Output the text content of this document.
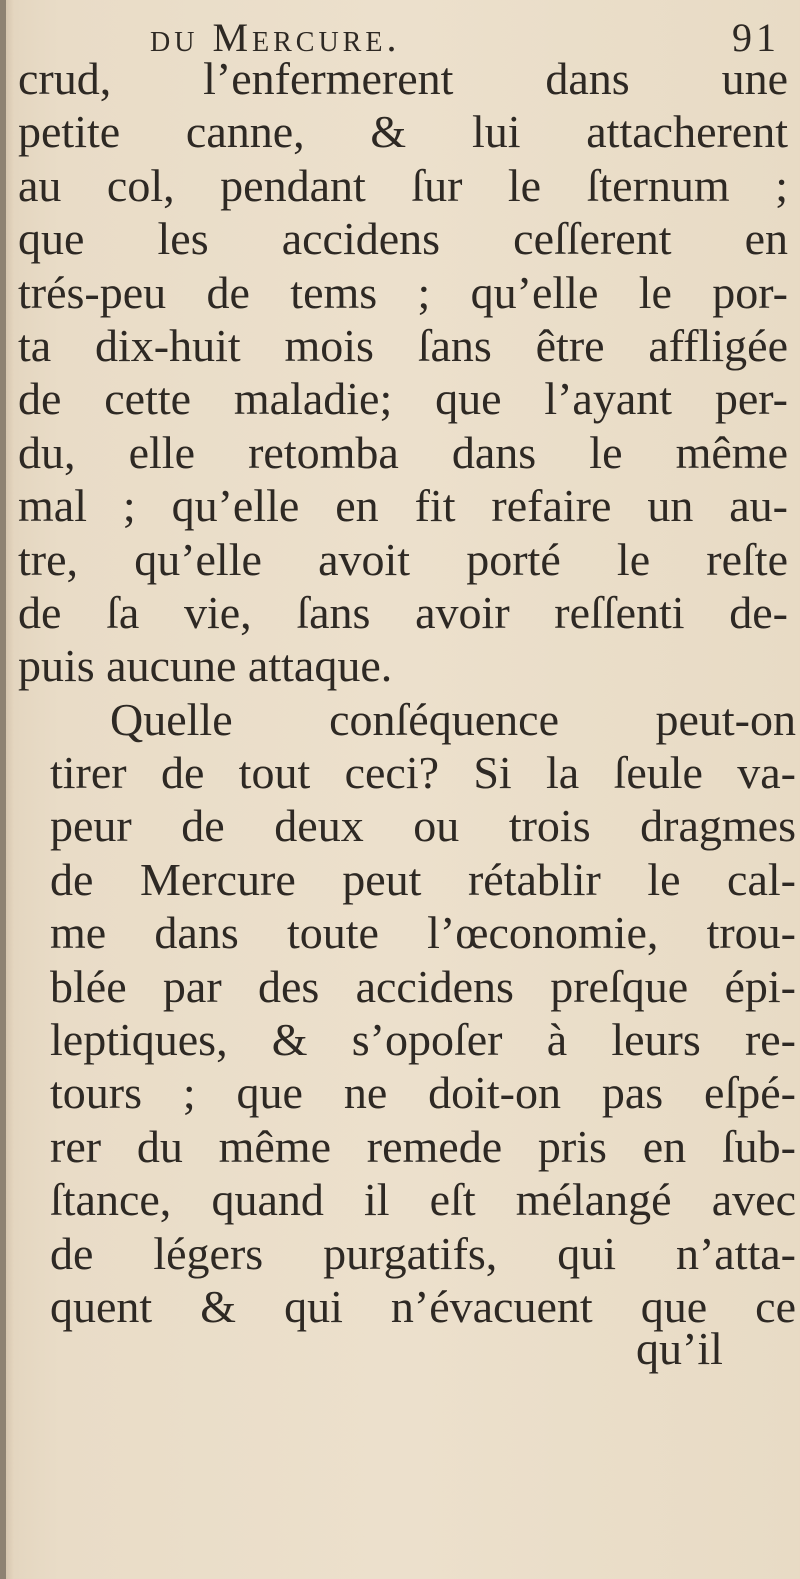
du Mercure.	91
crud, l’enfermerent dans une
petite canne, & lui attacherent
au col, pendant ſur le ſternum ;
que les accidens ceſſerent en
trés-peu de tems ; qu’elle le por-
ta dix-huit mois ſans être affligée
de cette maladie; que l’ayant per-
du, elle retomba dans le même
mal ; qu’elle en fit refaire un au-
tre, qu’elle avoit porté le reſte
de ſa vie, ſans avoir reſſenti de-
puis aucune attaque.
Quelle conſéquence peut-on
tirer de tout ceci? Si la ſeule va-
peur de deux ou trois dragmes
de Mercure peut rétablir le cal-
me dans toute l’œconomie, trou-
blée par des accidens preſque épi-
leptiques, & s’opoſer à leurs re-
tours ; que ne doit-on pas eſpé-
rer du même remede pris en ſub-
ſtance, quand il eſt mélangé avec
de légers purgatifs, qui n’atta-
quent & qui n’évacuent que ce
qu’il
